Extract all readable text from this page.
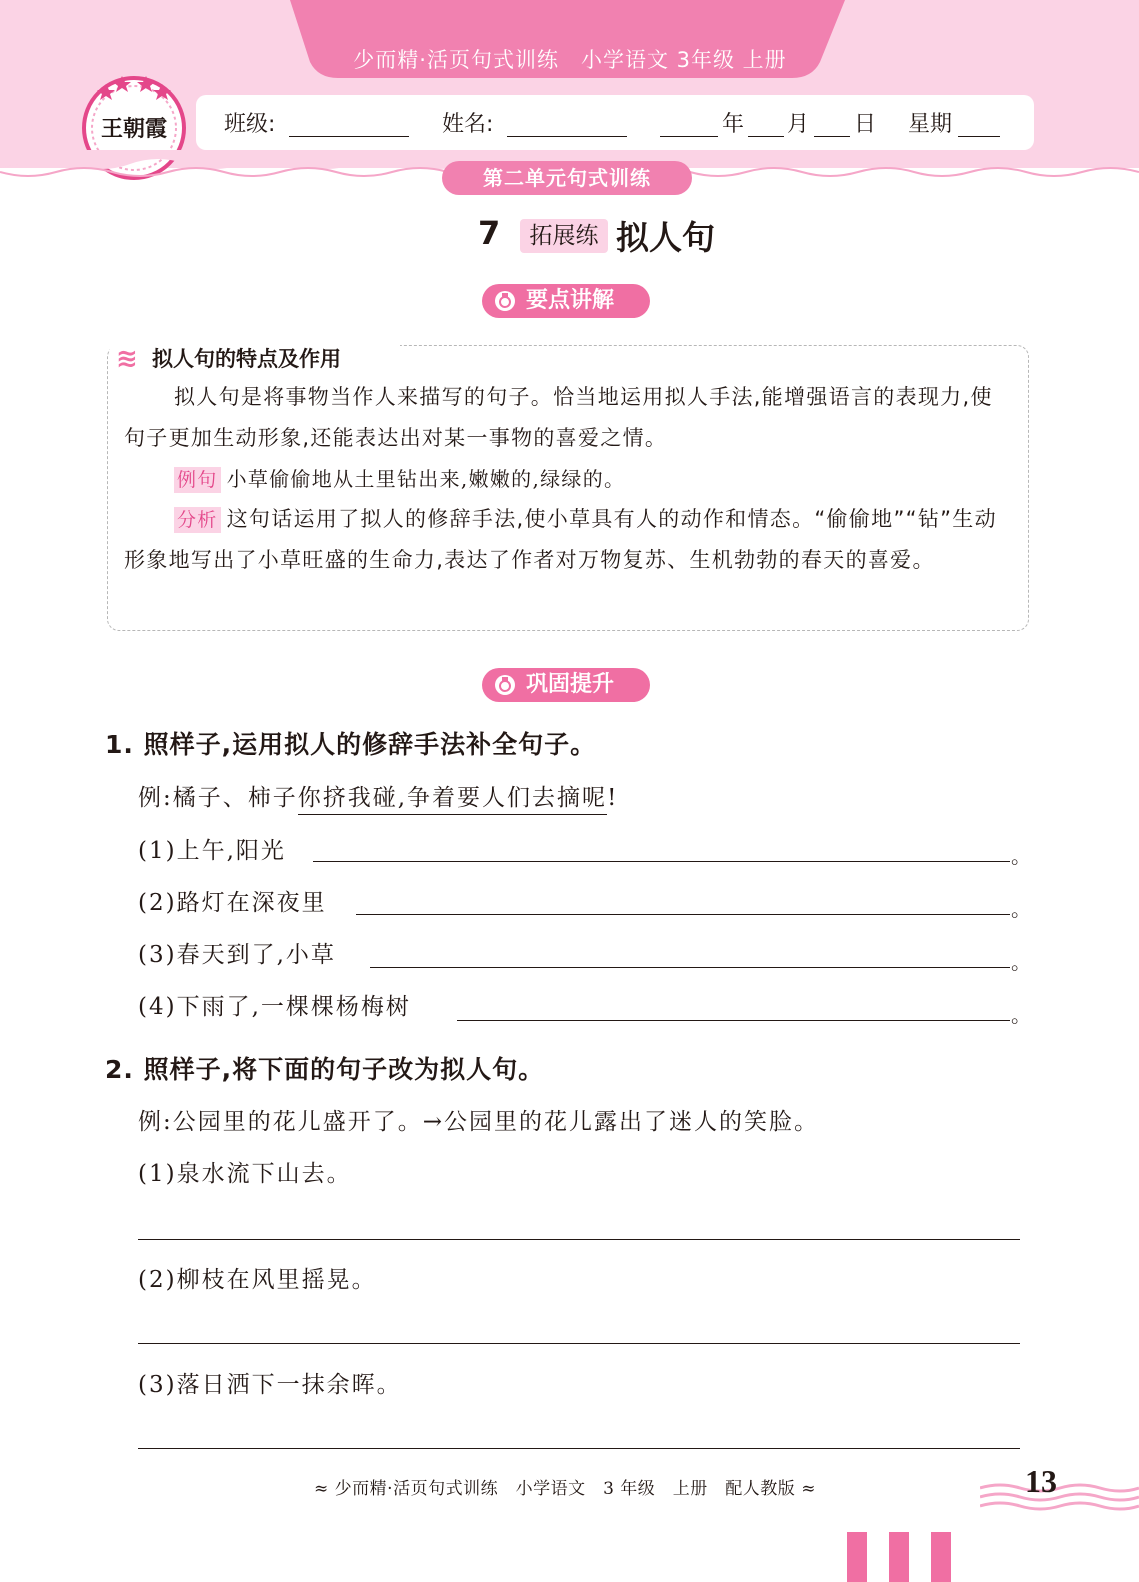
少而精·活页句式训练　小学语文 3年级 上册
班级:	姓名:	年 月 日 星期
王朝霞
第二单元句式训练
7	拓展练 拟人句
要点讲解
≋ 拟人句的特点及作用
拟人句是将事物当作人来描写的句子。恰当地运用拟人手法,能增强语言的表现力,使句子更加生动形象,还能表达出对某一事物的喜爱之情。
例句 小草偷偷地从土里钻出来,嫩嫩的,绿绿的。
分析 这句话运用了拟人的修辞手法,使小草具有人的动作和情态。“偷偷地”“钻”生动形象地写出了小草旺盛的生命力,表达了作者对万物复苏、生机勃勃的春天的喜爱。
巩固提升
1. 照样子,运用拟人的修辞手法补全句子。
例:橘子、柿子你挤我碰,争着要人们去摘呢!
(1)上午,阳光	。
(2)路灯在深夜里	。
(3)春天到了,小草	。
(4)下雨了,一棵棵杨梅树	。
2. 照样子,将下面的句子改为拟人句。
例:公园里的花儿盛开了。→公园里的花儿露出了迷人的笑脸。
(1)泉水流下山去。
(2)柳枝在风里摇晃。
(3)落日洒下一抹余晖。
≈ 少而精·活页句式训练　小学语文　3 年级　上册　配人教版 ≈	13
